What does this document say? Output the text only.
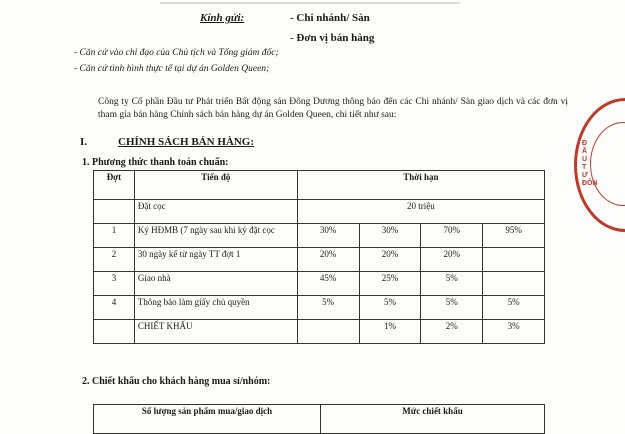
Kính gửi:	- Chi nhánh/ Sàn
- Đơn vị bán hàng
- Căn cứ vào chỉ đạo của Chủ tịch và Tổng giám đốc;
- Căn cứ tình hình thực tế tại dự án Golden Queen;
Công ty Cổ phần Đầu tư Phát triển Bất động sản Đông Dương thông báo đến các Chi nhánh/ Sàn giao dịch và các đơn vị tham gia bán hàng Chính sách bán hàng dự án Golden Queen, chi tiết như sau:
I.	CHÍNH SÁCH BÁN HÀNG:
1. Phương thức thanh toán chuẩn:
Đợt	Tiến độ	Thời hạn			
	Đặt cọc	20 triệu			
1	Ký HĐMB (7 ngày sau khi ký đặt cọc	30%	30%	70%	95%
2	30 ngày kể từ ngày TT đợt 1	20%	20%	20%	
3	Giao nhà	45%	25%	5%	
4	Thông báo làm giấy chủ quyền	5%	5%	5%	5%
	CHIẾT KHẤU		1%	2%	3%
2. Chiết khấu cho khách hàng mua sỉ/nhóm:
Số lượng sản phẩm mua/giao dịch	Mức chiết khấu
Đ
Ầ
U
T
Ư
ĐÔN
